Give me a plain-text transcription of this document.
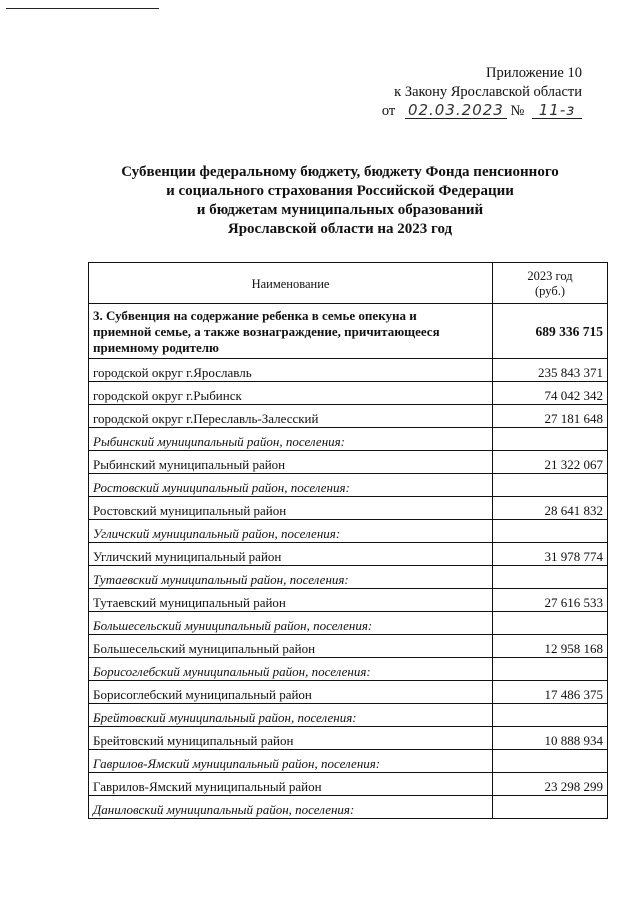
Приложение 10
к Закону Ярославской области
от 02.03.2023 № 11-з
Субвенции федеральному бюджету, бюджету Фонда пенсионного
и социального страхования Российской Федерации
и бюджетам муниципальных образований
Ярославской области на 2023 год
Наименование	2023 год
(руб.)

3. Субвенция на содержание ребенка в семье опекуна и
приемной семье, а также вознаграждение, причитающееся
приемному родителю	689 336 715
городской округ г.Ярославль	235 843 371
городской округ г.Рыбинск	74 042 342
городской округ г.Переславль-Залесский	27 181 648
Рыбинский муниципальный район, поселения:	
Рыбинский муниципальный район	21 322 067
Ростовский муниципальный район, поселения:	
Ростовский муниципальный район	28 641 832
Угличский муниципальный район, поселения:	
Угличский муниципальный район	31 978 774
Тутаевский муниципальный район, поселения:	
Тутаевский муниципальный район	27 616 533
Большесельский муниципальный район, поселения:	
Большесельский муниципальный район	12 958 168
Борисоглебский муниципальный район, поселения:	
Борисоглебский муниципальный район	17 486 375
Брейтовский муниципальный район, поселения:	
Брейтовский муниципальный район	10 888 934
Гаврилов-Ямский муниципальный район, поселения:	
Гаврилов-Ямский муниципальный район	23 298 299
Даниловский муниципальный район, поселения:	
